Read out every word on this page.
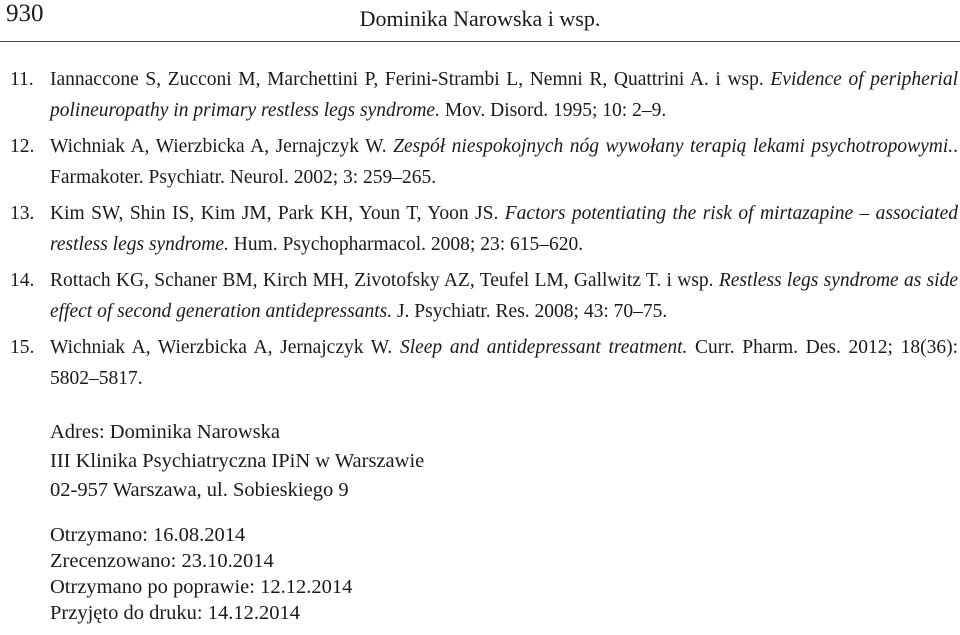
930	Dominika Narowska i wsp.
11. Iannaccone S, Zucconi M, Marchettini P, Ferini-Strambi L, Nemni R, Quattrini A. i wsp. Evidence of peripherial polineuropathy in primary restless legs syndrome. Mov. Disord. 1995; 10: 2–9.
12. Wichniak A, Wierzbicka A, Jernajczyk W. Zespół niespokojnych nóg wywołany terapią lekami psychotropowymi.. Farmakoter. Psychiatr. Neurol. 2002; 3: 259–265.
13. Kim SW, Shin IS, Kim JM, Park KH, Youn T, Yoon JS. Factors potentiating the risk of mirtazapine – associated restless legs syndrome. Hum. Psychopharmacol. 2008; 23: 615–620.
14. Rottach KG, Schaner BM, Kirch MH, Zivotofsky AZ, Teufel LM, Gallwitz T. i wsp. Restless legs syndrome as side effect of second generation antidepressants. J. Psychiatr. Res. 2008; 43: 70–75.
15. Wichniak A, Wierzbicka A, Jernajczyk W. Sleep and antidepressant treatment. Curr. Pharm. Des. 2012; 18(36): 5802–5817.
Adres: Dominika Narowska
III Klinika Psychiatryczna IPiN w Warszawie
02-957 Warszawa, ul. Sobieskiego 9
Otrzymano: 16.08.2014
Zrecenzowano: 23.10.2014
Otrzymano po poprawie: 12.12.2014
Przyjęto do druku: 14.12.2014
